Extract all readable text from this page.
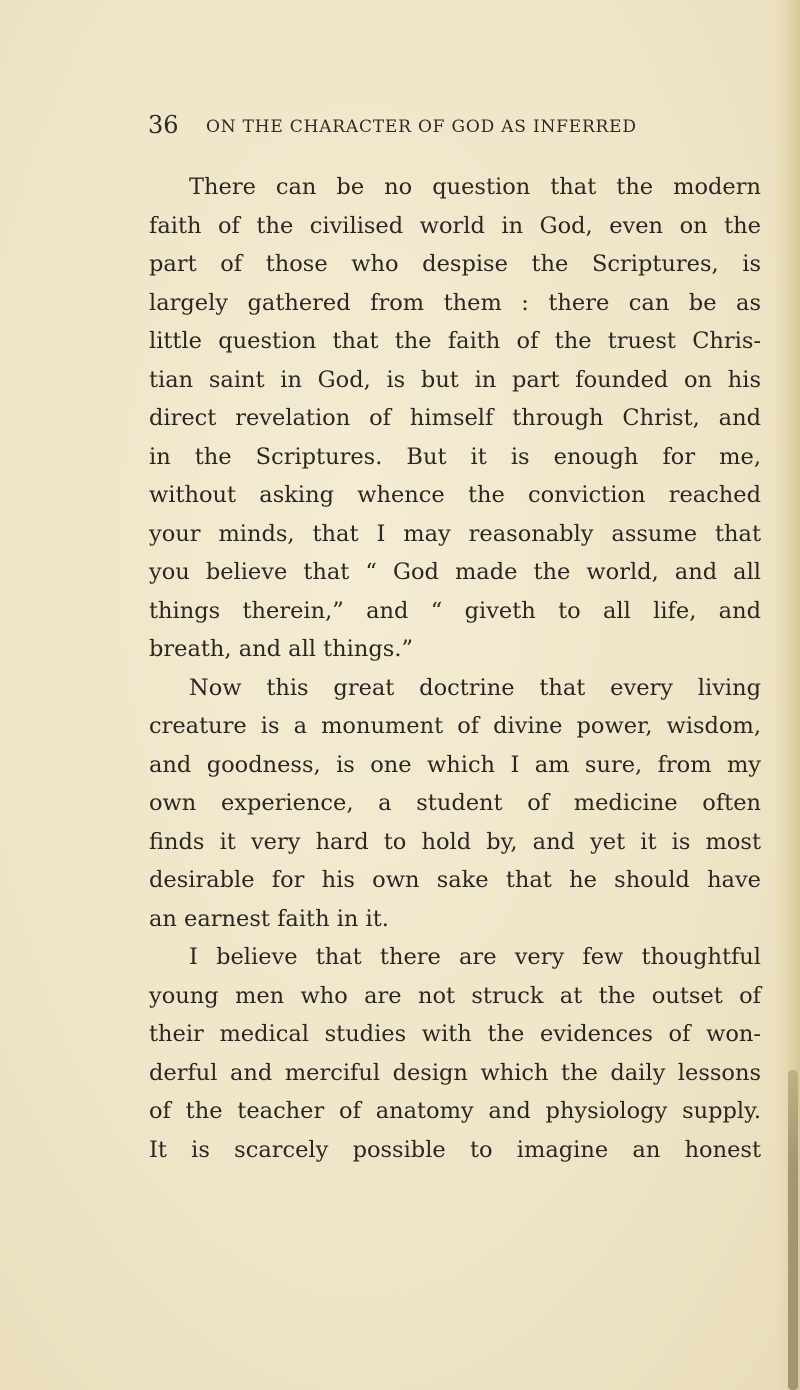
36 ON THE CHARACTER OF GOD AS INFERRED
There can be no question that the modern
faith of the civilised world in God, even on the
part of those who despise the Scriptures, is
largely gathered from them : there can be as
little question that the faith of the truest Chris-
tian saint in God, is but in part founded on his
direct revelation of himself through Christ, and
in the Scriptures. But it is enough for me,
without asking whence the conviction reached
your minds, that I may reasonably assume that
you believe that “ God made the world, and all
things therein,” and “ giveth to all life, and
breath, and all things.”
Now this great doctrine that every living
creature is a monument of divine power, wisdom,
and goodness, is one which I am sure, from my
own experience, a student of medicine often
finds it very hard to hold by, and yet it is most
desirable for his own sake that he should have
an earnest faith in it.
I believe that there are very few thoughtful
young men who are not struck at the outset of
their medical studies with the evidences of won-
derful and merciful design which the daily lessons
of the teacher of anatomy and physiology supply.
It is scarcely possible to imagine an honest
